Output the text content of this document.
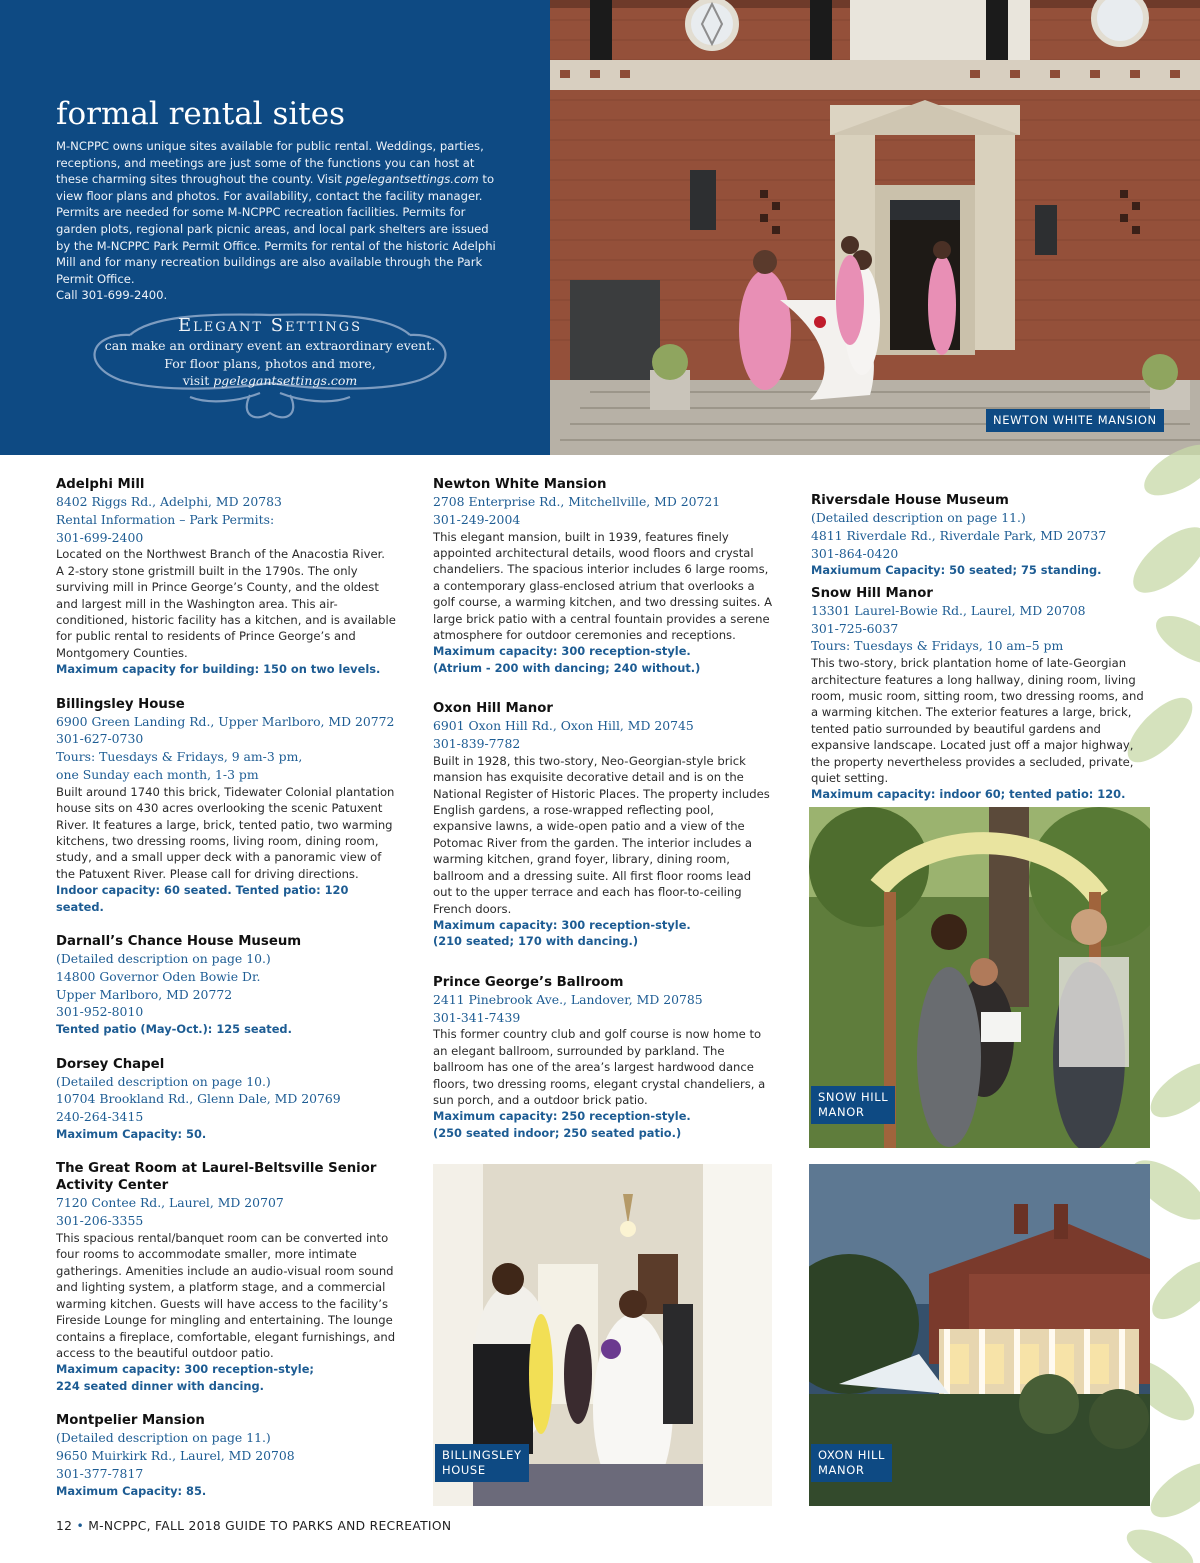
formal rental sites

M-NCPPC owns unique sites available for public rental. Weddings, parties, receptions, and meetings are just some of the functions you can host at these charming sites throughout the county. Visit pgelegantsettings.com to view floor plans and photos. For availability, contact the facility manager. Permits are needed for some M-NCPPC recreation facilities. Permits for garden plots, regional park picnic areas, and local park shelters are issued by the M-NCPPC Park Permit Office. Permits for rental of the historic Adelphi Mill and for many recreation buildings are also available through the Park Permit Office.
Call 301-699-2400.

Elegant Settings
can make an ordinary event an extraordinary event.
For floor plans, photos and more,
visit pgelegantsettings.com
NEWTON WHITE MANSION
Adelphi Mill
8402 Riggs Rd., Adelphi, MD 20783
Rental Information – Park Permits:
301-699-2400
Located on the Northwest Branch of the Anacostia River. A 2-story stone gristmill built in the 1790s. The only surviving mill in Prince George’s County, and the oldest and largest mill in the Washington area. This air-conditioned, historic facility has a kitchen, and is available for public rental to residents of Prince George’s and Montgomery Counties.
Maximum capacity for building: 150 on two levels.
Billingsley House
6900 Green Landing Rd., Upper Marlboro, MD 20772
301-627-0730
Tours: Tuesdays & Fridays, 9 am-3 pm,
one Sunday each month, 1-3 pm
Built around 1740 this brick, Tidewater Colonial plantation house sits on 430 acres overlooking the scenic Patuxent River. It features a large, brick, tented patio, two warming kitchens, two dressing rooms, living room, dining room, study, and a small upper deck with a panoramic view of the Patuxent River. Please call for driving directions.
Indoor capacity: 60 seated. Tented patio: 120 seated.
Darnall’s Chance House Museum
(Detailed description on page 10.)
14800 Governor Oden Bowie Dr.
Upper Marlboro, MD 20772
301-952-8010
Tented patio (May-Oct.): 125 seated.
Dorsey Chapel
(Detailed description on page 10.)
10704 Brookland Rd., Glenn Dale, MD 20769
240-264-3415
Maximum Capacity: 50.
The Great Room at Laurel-Beltsville Senior Activity Center
7120 Contee Rd., Laurel, MD 20707
301-206-3355
This spacious rental/banquet room can be converted into four rooms to accommodate smaller, more intimate gatherings. Amenities include an audio-visual room sound and lighting system, a platform stage, and a commercial warming kitchen. Guests will have access to the facility’s Fireside Lounge for mingling and entertaining. The lounge contains a fireplace, comfortable, elegant furnishings, and access to the beautiful outdoor patio.
Maximum capacity: 300 reception-style;
224 seated dinner with dancing.
Montpelier Mansion
(Detailed description on page 11.)
9650 Muirkirk Rd., Laurel, MD 20708
301-377-7817
Maximum Capacity: 85.
Newton White Mansion
2708 Enterprise Rd., Mitchellville, MD 20721
301-249-2004
This elegant mansion, built in 1939, features finely appointed architectural details, wood floors and crystal chandeliers. The spacious interior includes 6 large rooms, a contemporary glass-enclosed atrium that overlooks a golf course, a warming kitchen, and two dressing suites. A large brick patio with a central fountain provides a serene atmosphere for outdoor ceremonies and receptions.
Maximum capacity: 300 reception-style.
(Atrium - 200 with dancing; 240 without.)
Oxon Hill Manor
6901 Oxon Hill Rd., Oxon Hill, MD 20745
301-839-7782
Built in 1928, this two-story, Neo-Georgian-style brick mansion has exquisite decorative detail and is on the National Register of Historic Places. The property includes English gardens, a rose-wrapped reflecting pool, expansive lawns, a wide-open patio and a view of the Potomac River from the garden. The interior includes a warming kitchen, grand foyer, library, dining room, ballroom and a dressing suite. All first floor rooms lead out to the upper terrace and each has floor-to-ceiling French doors.
Maximum capacity: 300 reception-style.
(210 seated; 170 with dancing.)
Prince George’s Ballroom
2411 Pinebrook Ave., Landover, MD 20785
301-341-7439
This former country club and golf course is now home to an elegant ballroom, surrounded by parkland. The ballroom has one of the area’s largest hardwood dance floors, two dressing rooms, elegant crystal chandeliers, a sun porch, and a outdoor brick patio.
Maximum capacity: 250 reception-style.
(250 seated indoor; 250 seated patio.)
Riversdale House Museum
(Detailed description on page 11.)
4811 Riverdale Rd., Riverdale Park, MD 20737
301-864-0420
Maxiumum Capacity: 50 seated; 75 standing.
Snow Hill Manor
13301 Laurel-Bowie Rd., Laurel, MD 20708
301-725-6037
Tours: Tuesdays & Fridays, 10 am–5 pm
This two-story, brick plantation home of late-Georgian architecture features a long hallway, dining room, living room, music room, sitting room, two dressing rooms, and a warming kitchen. The exterior features a large, brick, tented patio surrounded by beautiful gardens and expansive landscape. Located just off a major highway, the property nevertheless provides a secluded, private, quiet setting.
Maximum capacity: indoor 60; tented patio: 120.
SNOW HILL
MANOR
BILLINGSLEY
HOUSE
OXON HILL
MANOR
12 • M-NCPPC, FALL 2018 GUIDE TO PARKS AND RECREATION
